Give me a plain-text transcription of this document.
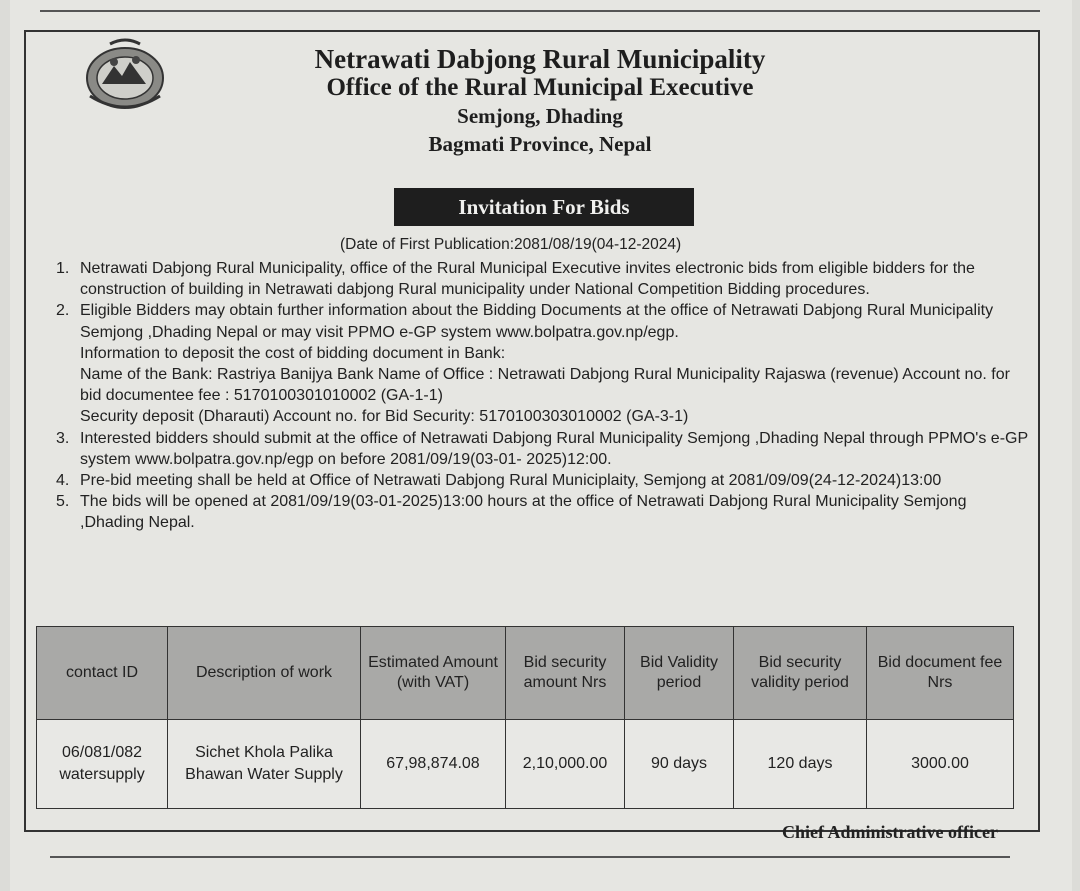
Netrawati Dabjong Rural Municipality
Office of the Rural Municipal Executive
Semjong, Dhading
Bagmati Province, Nepal
Invitation For Bids
(Date of First Publication:2081/08/19(04-12-2024)
1. Netrawati Dabjong Rural Municipality, office of the Rural Municipal Executive invites electronic bids from eligible bidders for the construction of building in Netrawati dabjong Rural municipality under National Competition Bidding procedures.

2. Eligible Bidders may obtain further information about the Bidding Documents at the office of Netrawati Dabjong Rural Municipality Semjong ,Dhading Nepal or may visit PPMO e-GP system www.bolpatra.gov.np/egp.

Information to deposit the cost of bidding document in Bank:

Name of the Bank: Rastriya Banijya Bank Name of Office : Netrawati Dabjong Rural Municipality Rajaswa (revenue) Account no. for bid documentee fee : 5170100301010002 (GA-1-1)

Security deposit (Dharauti) Account no. for Bid Security: 5170100303010002 (GA-3-1)

3. Interested bidders should submit at the office of Netrawati Dabjong Rural Municipality Semjong ,Dhading Nepal through PPMO's e-GP system www.bolpatra.gov.np/egp on before 2081/09/19(03-01- 2025)12:00.

4. Pre-bid meeting shall be held at Office of Netrawati Dabjong Rural Municiplaity, Semjong at 2081/09/09(24-12-2024)13:00

5. The bids will be opened at 2081/09/19(03-01-2025)13:00 hours at the office of Netrawati Dabjong Rural Municipality Semjong ,Dhading Nepal.

contact ID	Description of work	Estimated Amount (with VAT)	Bid security amount Nrs	Bid Validity period	Bid security validity period	Bid document fee Nrs
06/081/082 watersupply	Sichet Khola Palika Bhawan Water Supply	67,98,874.08	2,10,000.00	90 days	120 days	3000.00
Chief Administrative officer
